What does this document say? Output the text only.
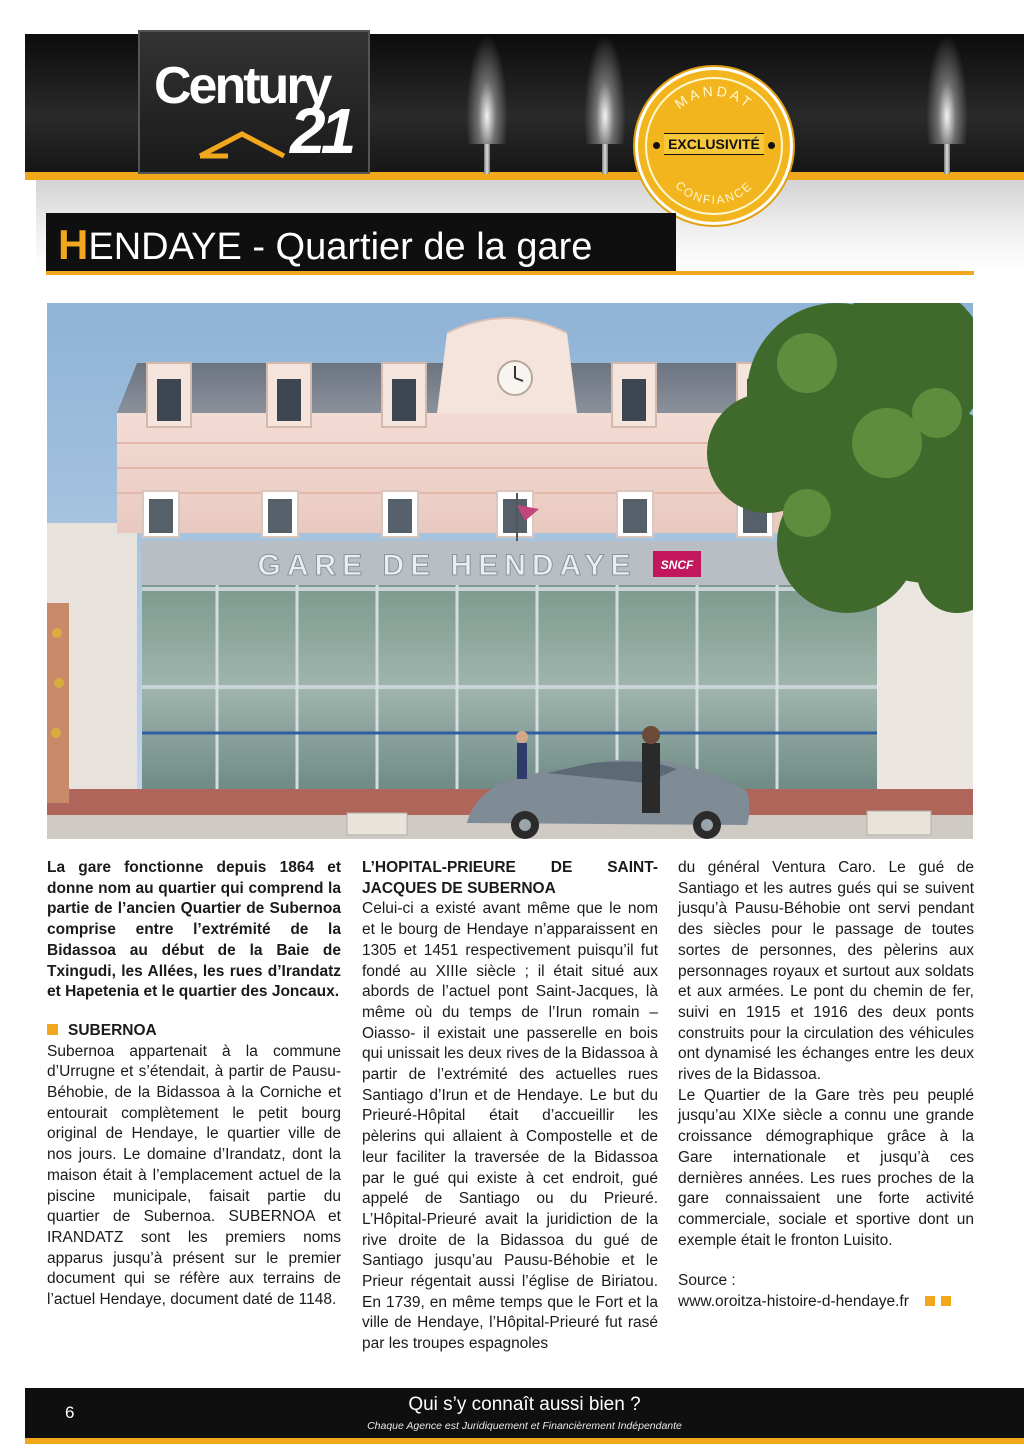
Century
21	MANDAT
CONFIANCE
EXCLUSIVITÉ
HENDAYE - Quartier de la gare
GARE DE HENDAYE SNCF

La gare fonctionne depuis 1864 et donne nom au quartier qui comprend la partie de l’ancien Quartier de Subernoa comprise entre l’extrémité de la Bidassoa au début de la Baie de Txingudi, les Allées, les rues d’Irandatz et Hapetenia et le quartier des Joncaux.

SUBERNOA

Subernoa appartenait à la commune d’Urrugne et s’étendait, à partir de Pausu-Béhobie, de la Bidassoa à la Corniche et entourait complètement le petit bourg original de Hendaye, le quartier ville de nos jours. Le domaine d’Irandatz, dont la maison était à l’emplacement actuel de la piscine municipale, faisait partie du quartier de Subernoa. SUBERNOA et IRANDATZ sont les premiers noms apparus jusqu’à présent sur le premier document qui se réfère aux terrains de l’actuel Hendaye, document daté de 1148.

L’HOPITAL-PRIEURE DE SAINT-JACQUES DE SUBERNOA

Celui-ci a existé avant même que le nom et le bourg de Hendaye n’apparaissent en 1305 et 1451 respectivement puisqu’il fut fondé au XIIIe siècle ; il était situé aux abords de l’actuel pont Saint-Jacques, là même où du temps de l’Irun romain – Oiasso- il existait une passerelle en bois qui unissait les deux rives de la Bidassoa à partir de l’extrémité des actuelles rues Santiago d’Irun et de Hendaye. Le but du Prieuré-Hôpital était d’accueillir les pèlerins qui allaient à Compostelle et de leur faciliter la traversée de la Bidassoa par le gué qui existe à cet endroit, gué appelé de Santiago ou du Prieuré. L’Hôpital-Prieuré avait la juridiction de la rive droite de la Bidassoa du gué de Santiago jusqu’au Pausu-Béhobie et le Prieur régentait aussi l’église de Biriatou. En 1739, en même temps que le Fort et la ville de Hendaye, l’Hôpital-Prieuré fut rasé par les troupes espagnoles

du général Ventura Caro. Le gué de Santiago et les autres gués qui se suivent jusqu’à Pausu-Béhobie ont servi pendant des siècles pour le passage de toutes sortes de personnes, des pèlerins aux personnages royaux et surtout aux soldats et aux armées. Le pont du chemin de fer, suivi en 1915 et 1916 des deux ponts construits pour la circulation des véhicules ont dynamisé les échanges entre les deux rives de la Bidassoa.

Le Quartier de la Gare très peu peuplé jusqu’au XIXe siècle a connu une grande croissance démographique grâce à la Gare internationale et jusqu’à ces dernières années. Les rues proches de la gare connaissaient une forte activité commerciale, sociale et sportive dont un exemple était le fronton Luisito.

Source :
www.oroitza-histoire-d-hendaye.fr

6	Qui s’y connaît aussi bien ?
Chaque Agence est Juridiquement et Financièrement Indépendante
